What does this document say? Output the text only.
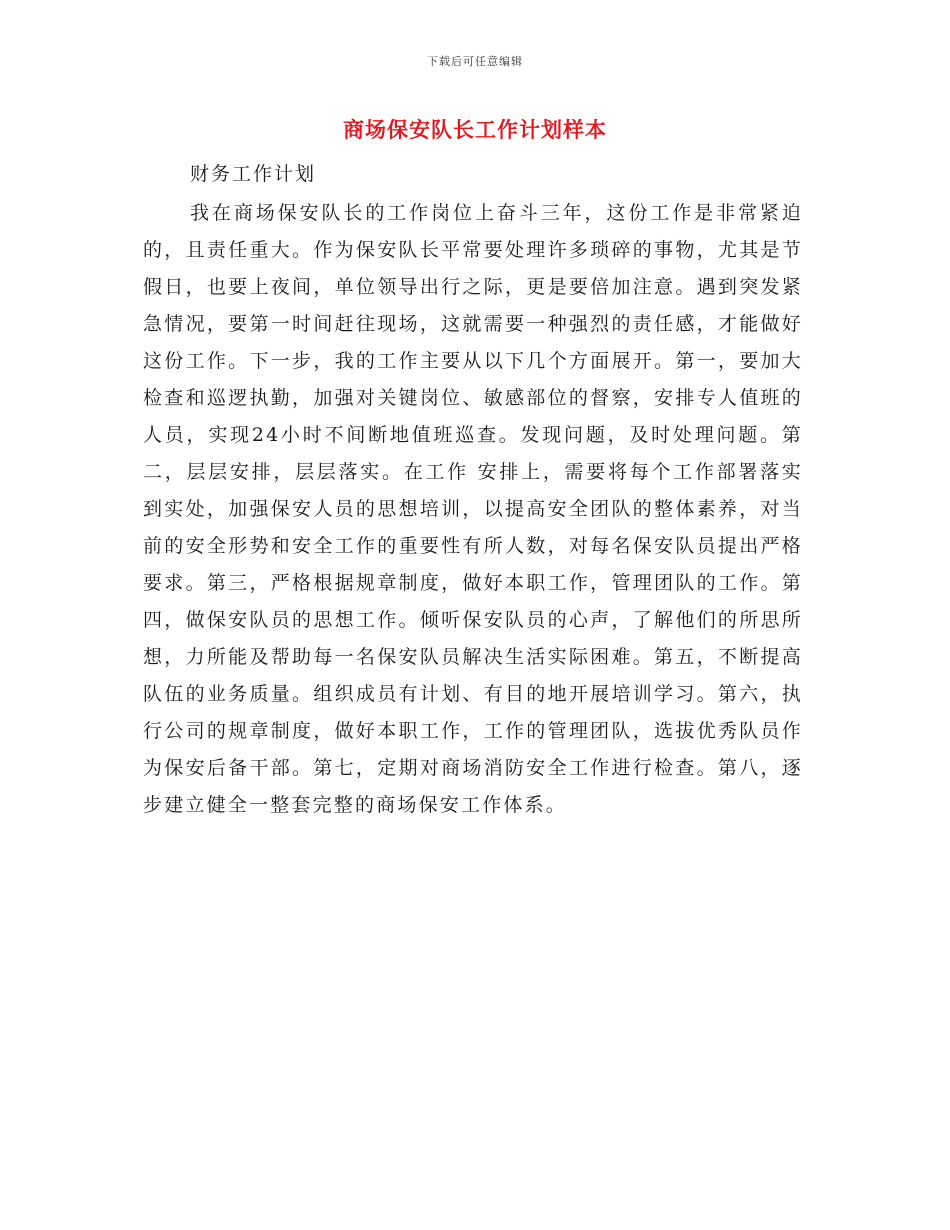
下载后可任意编辑
商场保安队长工作计划样本
财务工作计划

我在商场保安队长的工作岗位上奋斗三年，这份工作是非常紧迫的，且责任重大。作为保安队长平常要处理许多琐碎的事物，尤其是节假日，也要上夜间，单位领导出行之际，更是要倍加注意。遇到突发紧急情况，要第一时间赶往现场，这就需要一种强烈的责任感，才能做好这份工作。下一步，我的工作主要从以下几个方面展开。第一，要加大检查和巡逻执勤，加强对关键岗位、敏感部位的督察，安排专人值班的人员，实现24小时不间断地值班巡查。发现问题，及时处理问题。第二，层层安排，层层落实。在工作 安排上，需要将每个工作部署落实到实处，加强保安人员的思想培训，以提高安全团队的整体素养，对当前的安全形势和安全工作的重要性有所人数，对每名保安队员提出严格要求。第三，严格根据规章制度，做好本职工作，管理团队的工作。第四，做保安队员的思想工作。倾听保安队员的心声，了解他们的所思所想，力所能及帮助每一名保安队员解决生活实际困难。第五，不断提高队伍的业务质量。组织成员有计划、有目的地开展培训学习。第六，执行公司的规章制度，做好本职工作，工作的管理团队，选拔优秀队员作为保安后备干部。第七，定期对商场消防安全工作进行检查。第八，逐步建立健全一整套完整的商场保安工作体系。
